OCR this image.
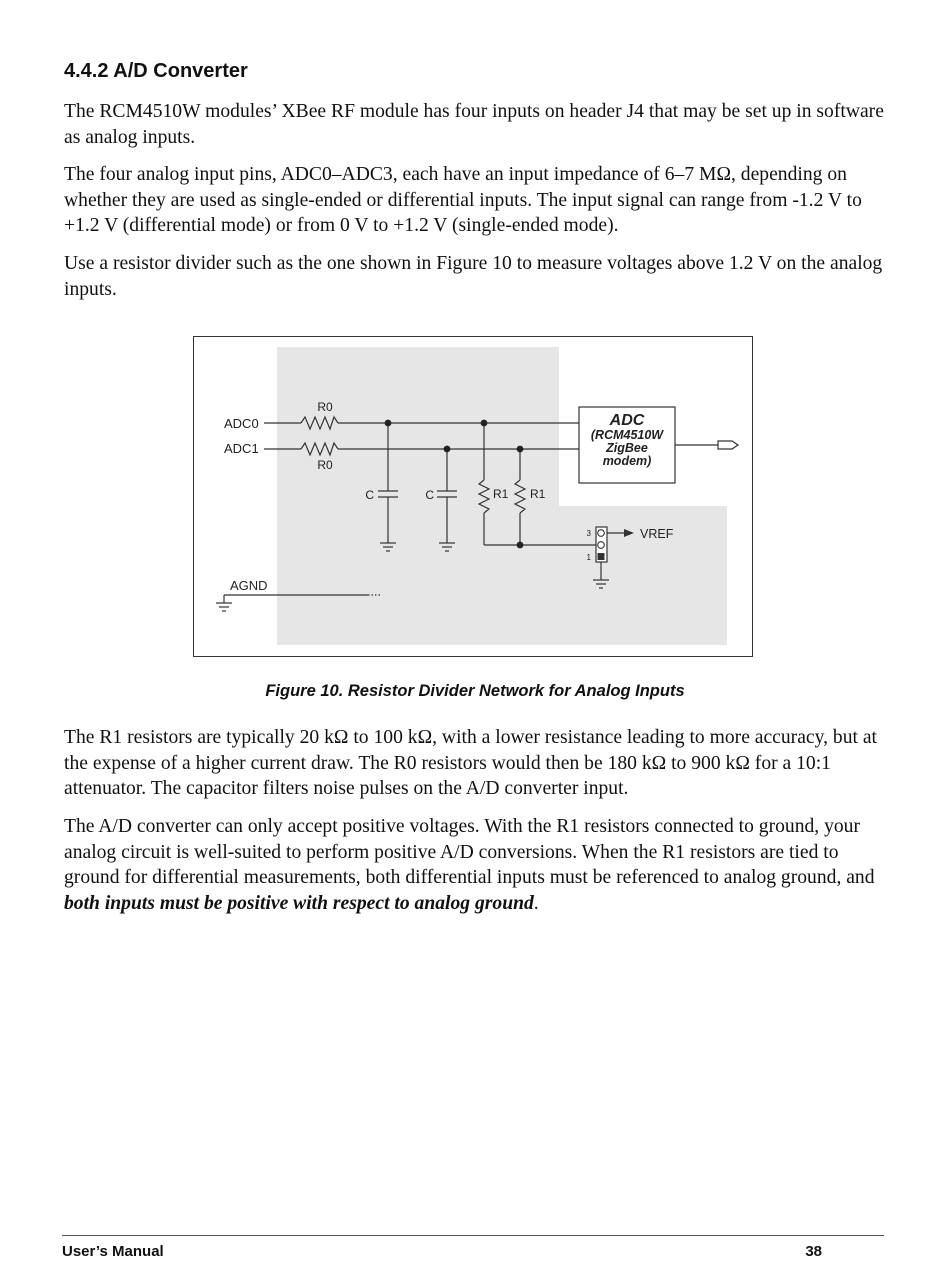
4.4.2 A/D Converter

The RCM4510W modules’ XBee RF module has four inputs on header J4 that may be set up in software as analog inputs.

The four analog input pins, ADC0–ADC3, each have an input impedance of 6–7 MΩ, depending on whether they are used as single-ended or differential inputs. The input signal can range from -1.2 V to +1.2 V (differential mode) or from 0 V to +1.2 V (single-ended mode).

Use a resistor divider such as the one shown in Figure 10 to measure voltages above 1.2 V on the analog inputs.

ADC0
ADC1
R0
R0
C	C	R1 R1
ADC
(RCM4510W
ZigBee
modem)
3
1
VREF
AGND

Figure 10. Resistor Divider Network for Analog Inputs

The R1 resistors are typically 20 kΩ to 100 kΩ, with a lower resistance leading to more accuracy, but at the expense of a higher current draw. The R0 resistors would then be 180 kΩ to 900 kΩ for a 10:1 attenuator. The capacitor filters noise pulses on the A/D converter input.

The A/D converter can only accept positive voltages. With the R1 resistors connected to ground, your analog circuit is well-suited to perform positive A/D conversions. When the R1 resistors are tied to ground for differential measurements, both differential inputs must be referenced to analog ground, and both inputs must be positive with respect to analog ground.

User’s Manual	38
